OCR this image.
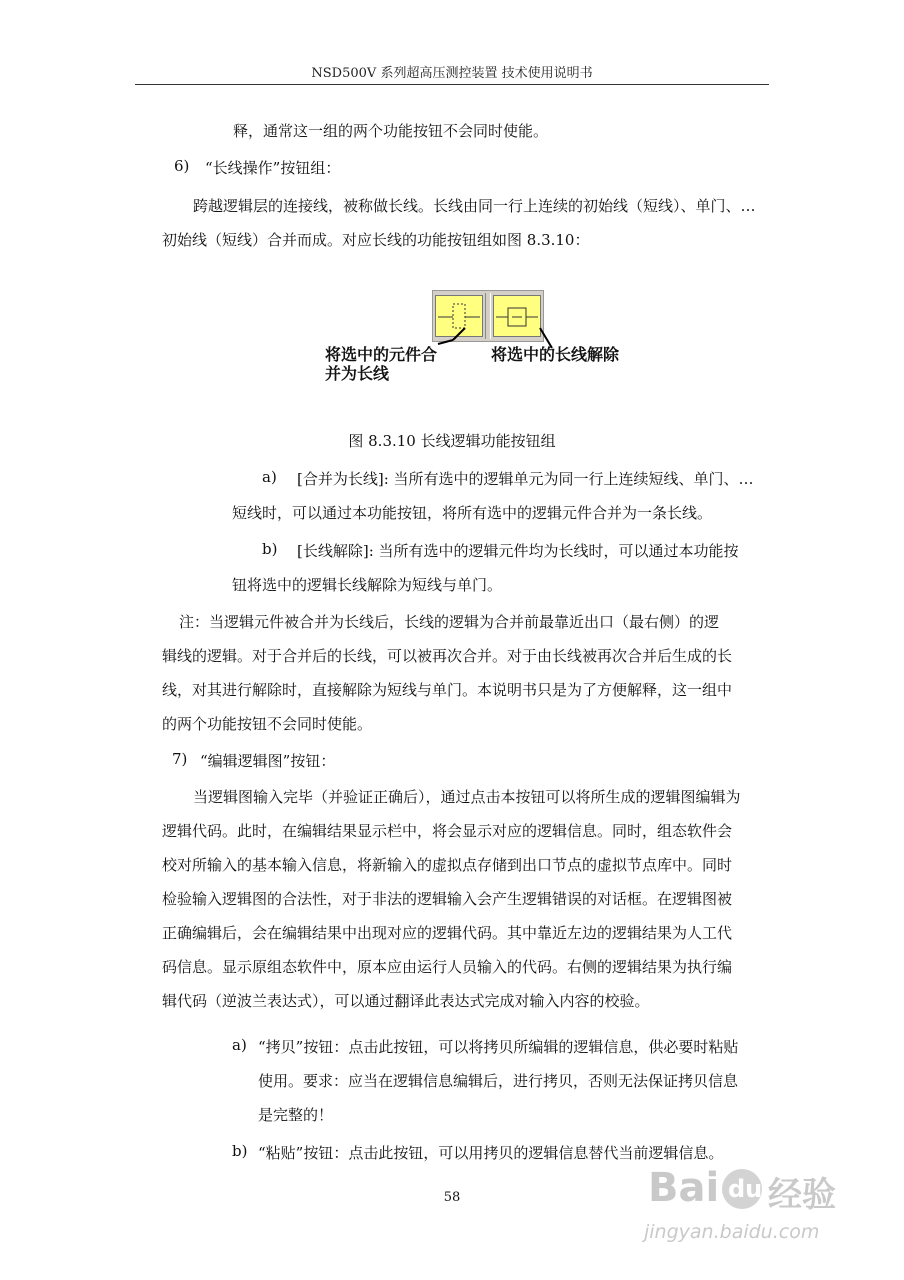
NSD500V 系列超高压测控装置 技术使用说明书
释，通常这一组的两个功能按钮不会同时使能。
6) “长线操作”按钮组：
跨越逻辑层的连接线，被称做长线。长线由同一行上连续的初始线（短线）、单门、…
初始线（短线）合并而成。对应长线的功能按钮组如图 8.3.10：
将选中的元件合
并为长线
将选中的长线解除
图 8.3.10 长线逻辑功能按钮组
a) [合并为长线]: 当所有选中的逻辑单元为同一行上连续短线、单门、…
短线时，可以通过本功能按钮，将所有选中的逻辑元件合并为一条长线。
b) [长线解除]: 当所有选中的逻辑元件均为长线时，可以通过本功能按
钮将选中的逻辑长线解除为短线与单门。
注：当逻辑元件被合并为长线后，长线的逻辑为合并前最靠近出口（最右侧）的逻
辑线的逻辑。对于合并后的长线，可以被再次合并。对于由长线被再次合并后生成的长
线，对其进行解除时，直接解除为短线与单门。本说明书只是为了方便解释，这一组中
的两个功能按钮不会同时使能。
7) “编辑逻辑图”按钮：
当逻辑图输入完毕（并验证正确后），通过点击本按钮可以将所生成的逻辑图编辑为
逻辑代码。此时，在编辑结果显示栏中，将会显示对应的逻辑信息。同时，组态软件会
校对所输入的基本输入信息，将新输入的虚拟点存储到出口节点的虚拟节点库中。同时
检验输入逻辑图的合法性，对于非法的逻辑输入会产生逻辑错误的对话框。在逻辑图被
正确编辑后，会在编辑结果中出现对应的逻辑代码。其中靠近左边的逻辑结果为人工代
码信息。显示原组态软件中，原本应由运行人员输入的代码。右侧的逻辑结果为执行编
辑代码（逆波兰表达式），可以通过翻译此表达式完成对输入内容的校验。
a) “拷贝”按钮：点击此按钮，可以将拷贝所编辑的逻辑信息，供必要时粘贴
使用。要求：应当在逻辑信息编辑后，进行拷贝，否则无法保证拷贝信息
是完整的！
b) “粘贴”按钮：点击此按钮，可以用拷贝的逻辑信息替代当前逻辑信息。
58	Bai du 经验
jingyan.baidu.com
